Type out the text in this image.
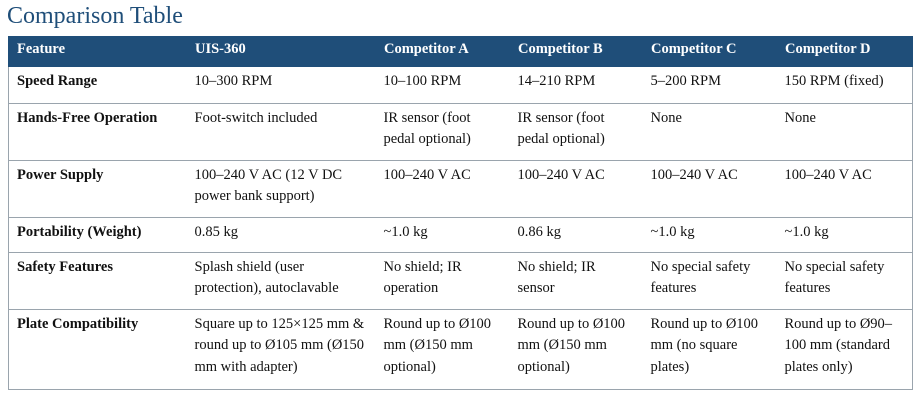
Comparison Table
Feature	UIS-360	Competitor A	Competitor B	Competitor C	Competitor D
Speed Range	10–300 RPM	10–100 RPM	14–210 RPM	5–200 RPM	150 RPM (fixed)
Hands-Free Operation	Foot-switch included	IR sensor (foot pedal optional)	IR sensor (foot pedal optional)	None	None
Power Supply	100–240 V AC (12 V DC power bank support)	100–240 V AC	100–240 V AC	100–240 V AC	100–240 V AC
Portability (Weight)	0.85 kg	~1.0 kg	0.86 kg	~1.0 kg	~1.0 kg
Safety Features	Splash shield (user protection), autoclavable	No shield; IR operation	No shield; IR sensor	No special safety features	No special safety features
Plate Compatibility	Square up to 125×125 mm & round up to Ø105 mm (Ø150 mm with adapter)	Round up to Ø100 mm (Ø150 mm optional)	Round up to Ø100 mm (Ø150 mm optional)	Round up to Ø100 mm (no square plates)	Round up to Ø90–100 mm (standard plates only)
